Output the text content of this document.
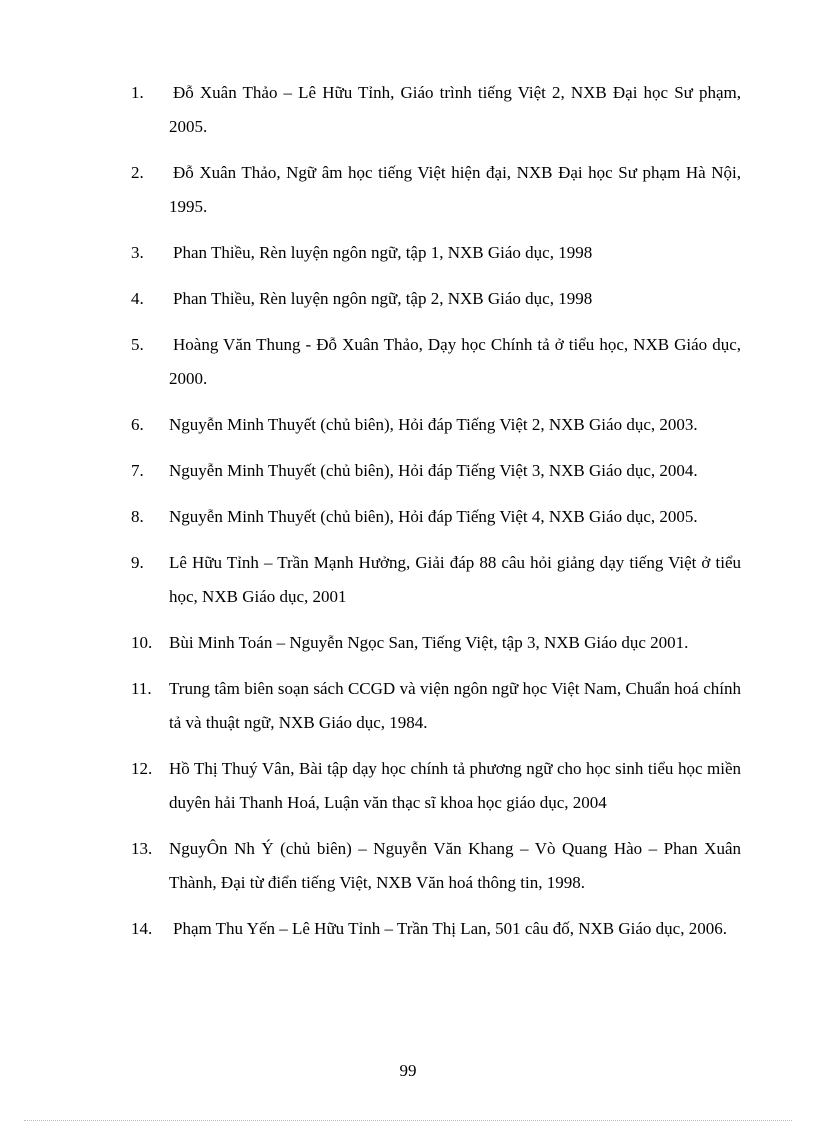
1. Đỗ Xuân Thảo – Lê Hữu Tỉnh, Giáo trình tiếng Việt 2, NXB Đại học Sư phạm, 2005.
2. Đỗ Xuân Thảo, Ngữ âm học tiếng Việt hiện đại, NXB Đại học Sư phạm Hà Nội, 1995.
3. Phan Thiều, Rèn luyện ngôn ngữ, tập 1, NXB Giáo dục, 1998
4. Phan Thiều, Rèn luyện ngôn ngữ, tập 2, NXB Giáo dục, 1998
5. Hoàng Văn Thung - Đỗ Xuân Thảo, Dạy học Chính tả ở tiểu học, NXB Giáo dục, 2000.
6. Nguyễn Minh Thuyết (chủ biên), Hỏi đáp Tiếng Việt 2, NXB Giáo dục, 2003.
7. Nguyễn Minh Thuyết (chủ biên), Hỏi đáp Tiếng Việt 3, NXB Giáo dục, 2004.
8. Nguyễn Minh Thuyết (chủ biên), Hỏi đáp Tiếng Việt 4, NXB Giáo dục, 2005.
9. Lê Hữu Tỉnh – Trần Mạnh Hưởng, Giải đáp 88 câu hỏi giảng dạy tiếng Việt ở tiểu học, NXB Giáo dục, 2001
10. Bùi Minh Toán – Nguyễn Ngọc San, Tiếng Việt, tập 3, NXB Giáo dục 2001.
11. Trung tâm biên soạn sách CCGD và viện ngôn ngữ học Việt Nam, Chuẩn hoá chính tả và thuật ngữ, NXB Giáo dục, 1984.
12. Hồ Thị Thuý Vân, Bài tập dạy học chính tả phương ngữ cho học sinh tiểu học miền duyên hải Thanh Hoá, Luận văn thạc sĩ khoa học giáo dục, 2004
13. NguyÔn Nh Ý (chủ biên) – Nguyễn Văn Khang – Vò Quang Hào – Phan Xuân Thành, Đại từ điển tiếng Việt, NXB Văn hoá thông tin, 1998.
14. Phạm Thu Yến – Lê Hữu Tỉnh – Trần Thị Lan, 501 câu đố, NXB Giáo dục, 2006.
99
